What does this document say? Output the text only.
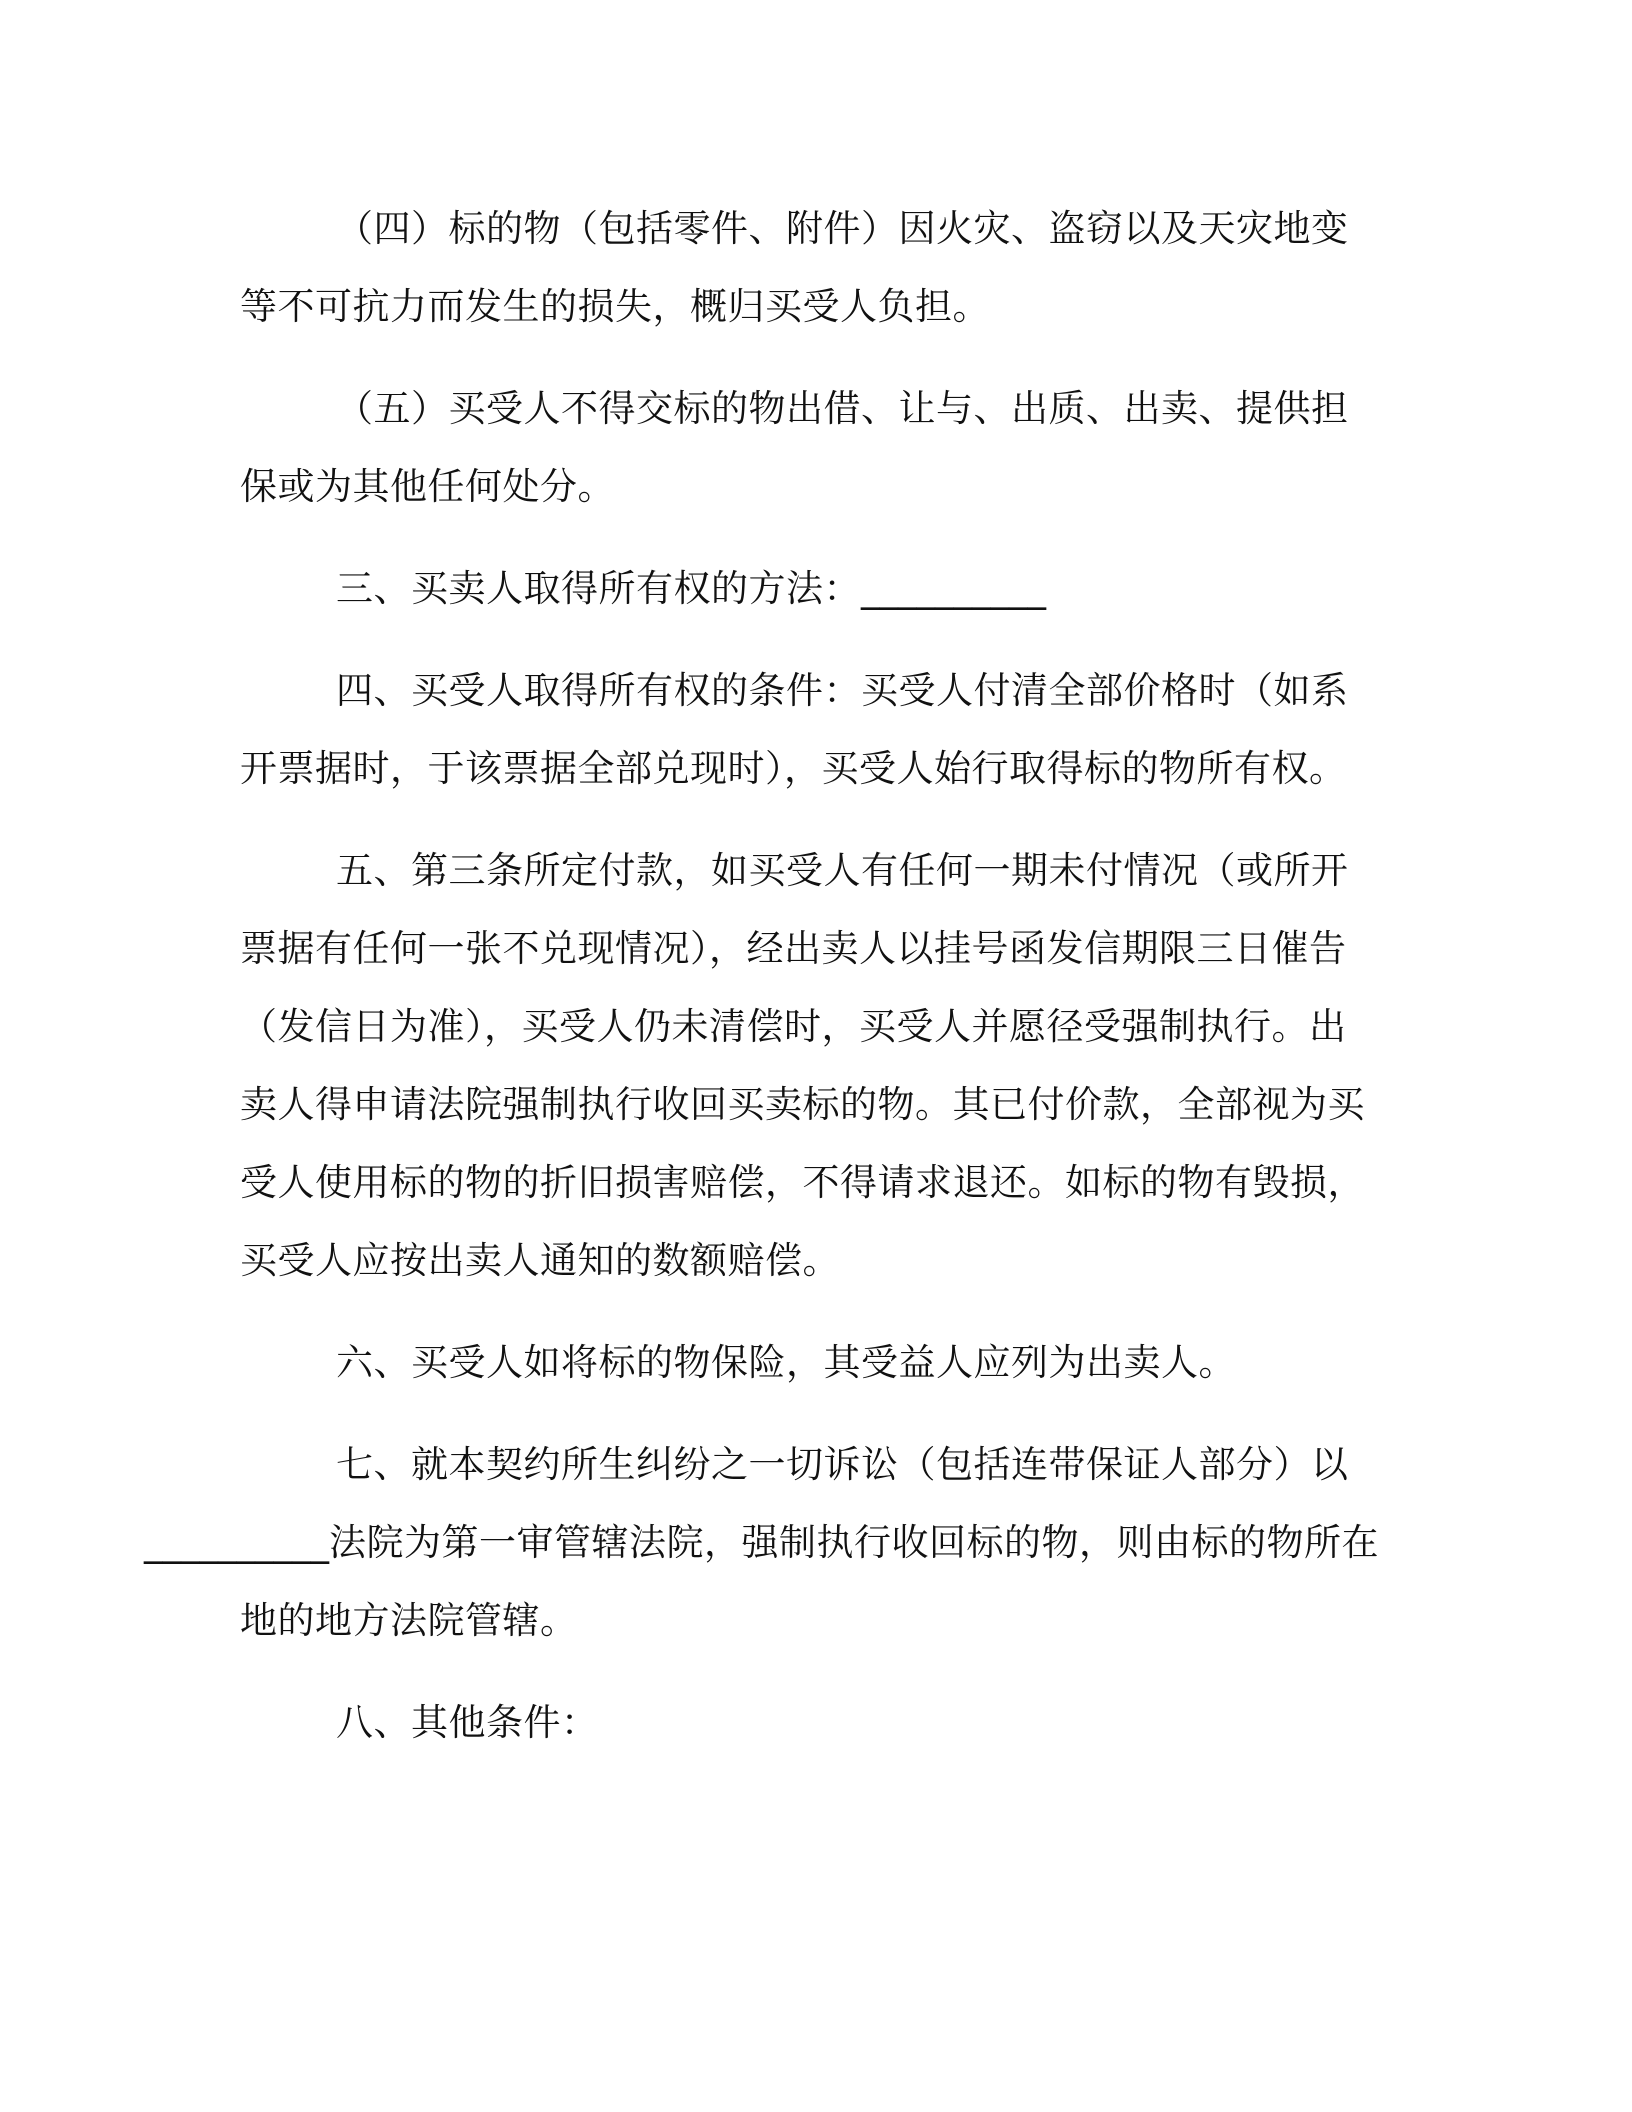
（四）标的物（包括零件、附件）因火灾、盗窃以及天灾地变等不可抗力而发生的损失，概归买受人负担。

（五）买受人不得交标的物出借、让与、出质、出卖、提供担保或为其他任何处分。

三、买卖人取得所有权的方法：__________

四、买受人取得所有权的条件：买受人付清全部价格时（如系开票据时，于该票据全部兑现时），买受人始行取得标的物所有权。

五、第三条所定付款，如买受人有任何一期未付情况（或所开票据有任何一张不兑现情况），经出卖人以挂号函发信期限三日催告（发信日为准），买受人仍未清偿时，买受人并愿径受强制执行。出卖人得申请法院强制执行收回买卖标的物。其已付价款，全部视为买受人使用标的物的折旧损害赔偿，不得请求退还。如标的物有毁损，买受人应按出卖人通知的数额赔偿。

六、买受人如将标的物保险，其受益人应列为出卖人。

七、就本契约所生纠纷之一切诉讼（包括连带保证人部分）以
__________法院为第一审管辖法院，强制执行收回标的物，则由标的物所在地的地方法院管辖。

八、其他条件：
